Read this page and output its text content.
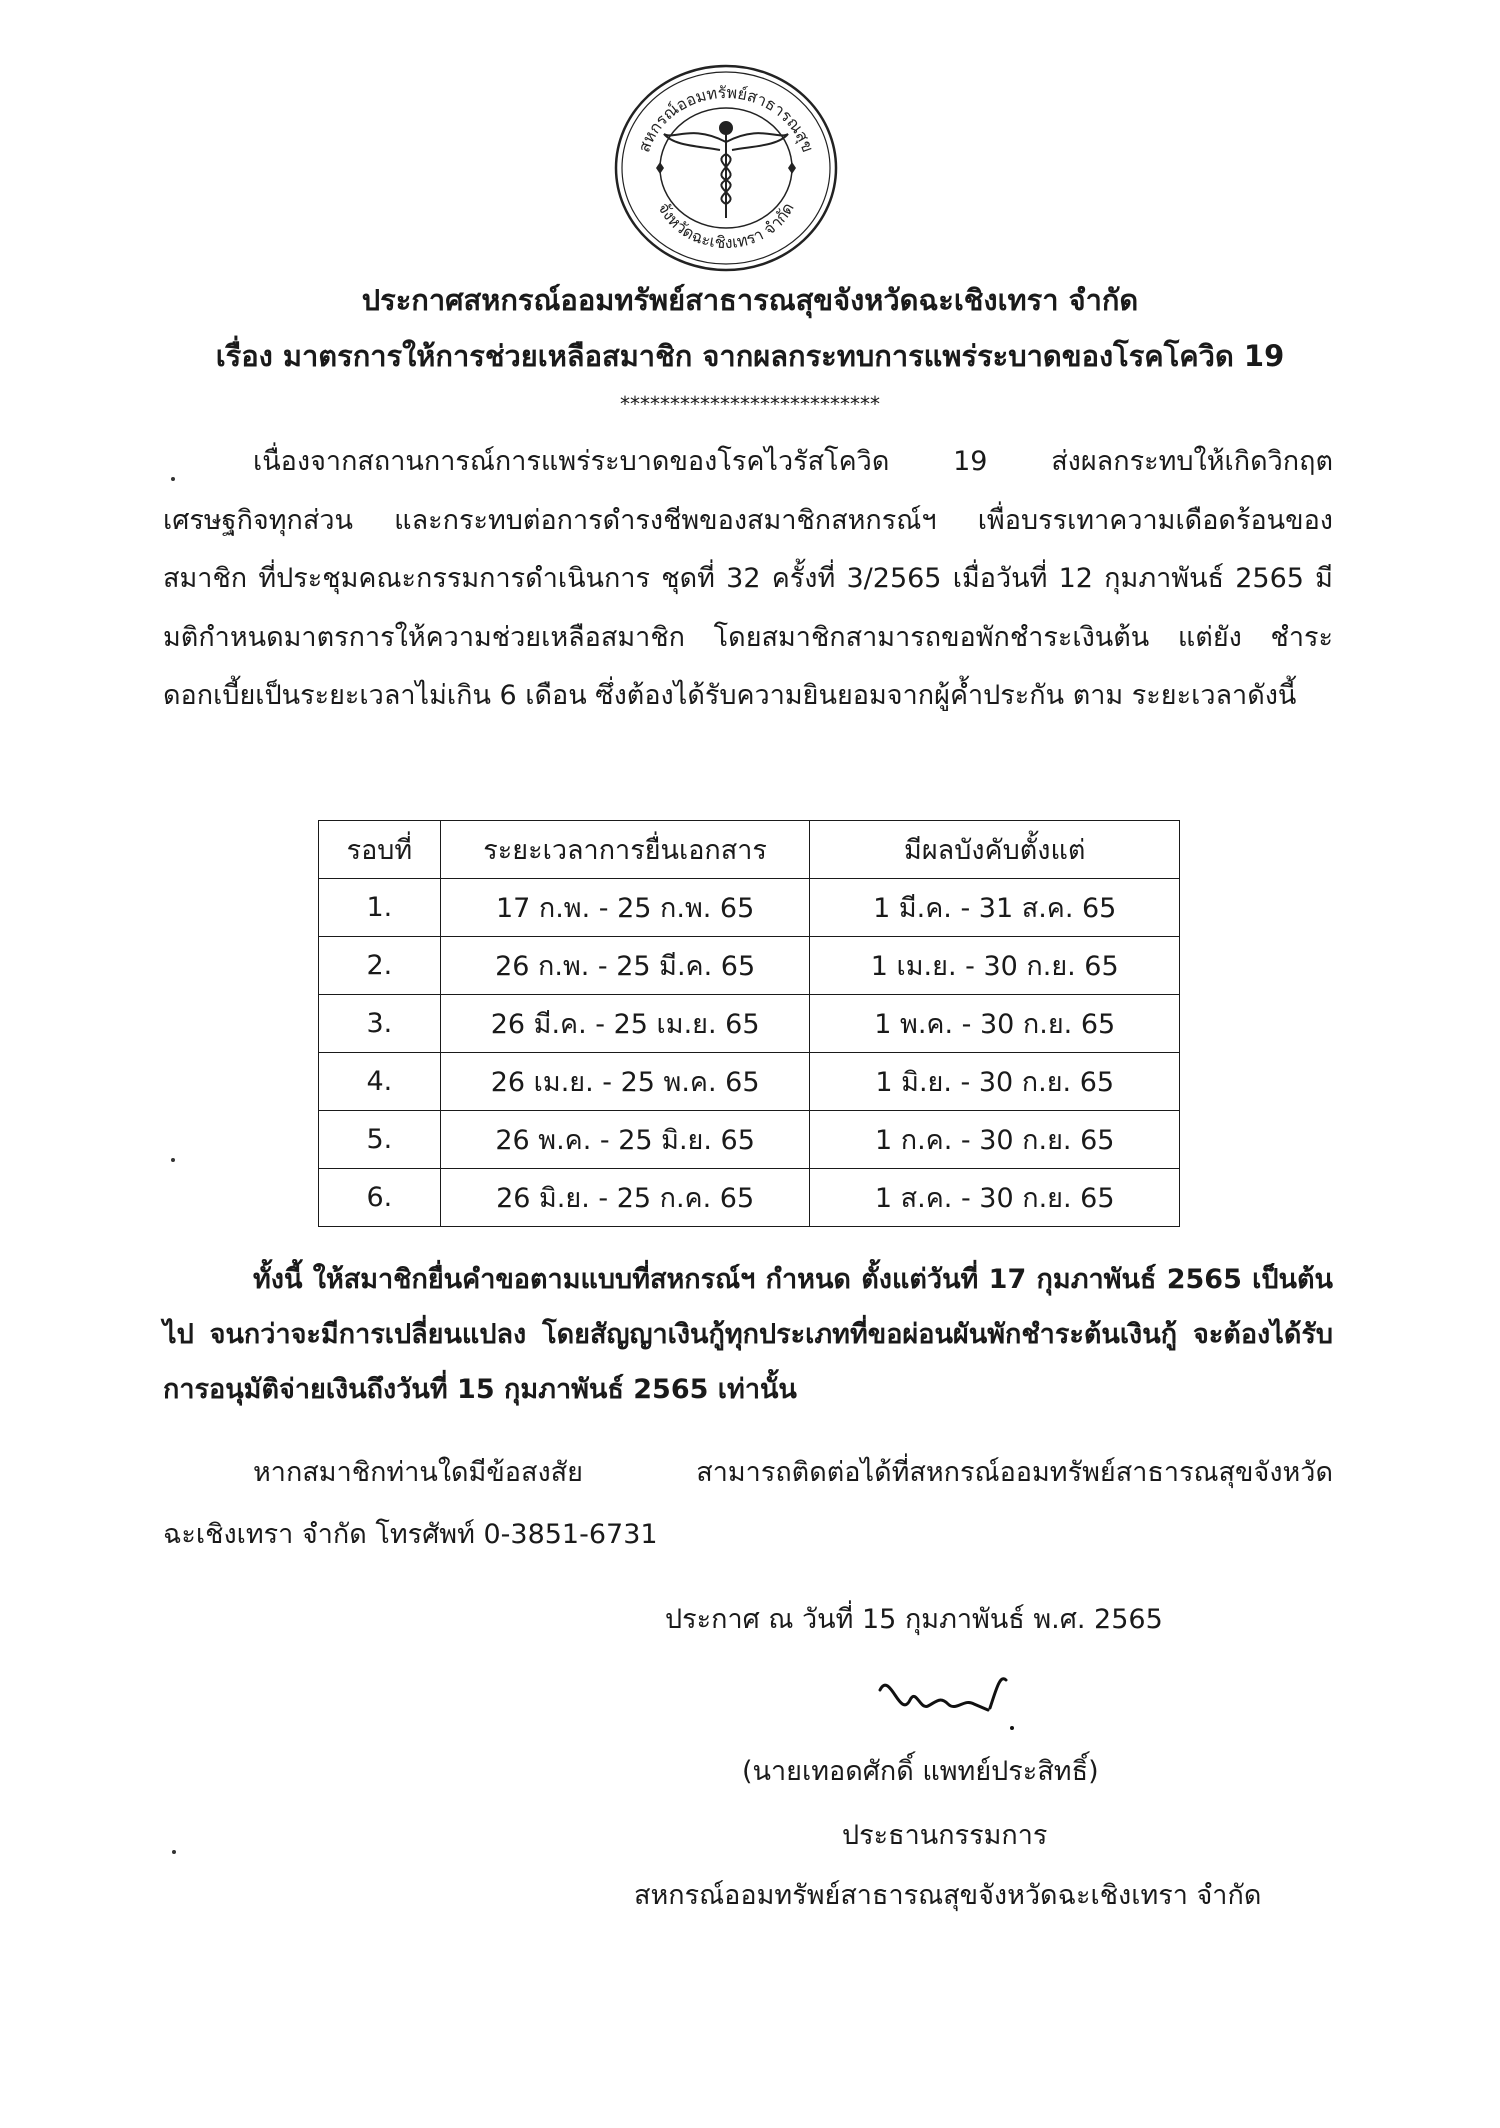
สหกรณ์ออมทรัพย์สาธารณสุข
จังหวัดฉะเชิงเทรา จำกัด
ประกาศสหกรณ์ออมทรัพย์สาธารณสุขจังหวัดฉะเชิงเทรา จำกัด
เรื่อง มาตรการให้การช่วยเหลือสมาชิก จากผลกระทบการแพร่ระบาดของโรคโควิด 19
**************************
เนื่องจากสถานการณ์การแพร่ระบาดของโรคไวรัสโควิด 19 ส่งผลกระทบให้เกิดวิกฤต เศรษฐกิจทุกส่วน และกระทบต่อการดำรงชีพของสมาชิกสหกรณ์ฯ เพื่อบรรเทาความเดือดร้อนของ สมาชิก ที่ประชุมคณะกรรมการดำเนินการ ชุดที่ 32 ครั้งที่ 3/2565 เมื่อวันที่ 12 กุมภาพันธ์ 2565 มีมติกำหนดมาตรการให้ความช่วยเหลือสมาชิก โดยสมาชิกสามารถขอพักชำระเงินต้น แต่ยัง ชำระดอกเบี้ยเป็นระยะเวลาไม่เกิน 6 เดือน ซึ่งต้องได้รับความยินยอมจากผู้ค้ำประกัน ตาม ระยะเวลาดังนี้
รอบที่	ระยะเวลาการยื่นเอกสาร	มีผลบังคับตั้งแต่
1.	17 ก.พ. - 25 ก.พ. 65	1 มี.ค. - 31 ส.ค. 65
2.	26 ก.พ. - 25 มี.ค. 65	1 เม.ย. - 30 ก.ย. 65
3.	26 มี.ค. - 25 เม.ย. 65	1 พ.ค. - 30 ก.ย. 65
4.	26 เม.ย. - 25 พ.ค. 65	1 มิ.ย. - 30 ก.ย. 65
5.	26 พ.ค. - 25 มิ.ย. 65	1 ก.ค. - 30 ก.ย. 65
6.	26 มิ.ย. - 25 ก.ค. 65	1 ส.ค. - 30 ก.ย. 65
ทั้งนี้ ให้สมาชิกยื่นคำขอตามแบบที่สหกรณ์ฯ กำหนด ตั้งแต่วันที่ 17 กุมภาพันธ์ 2565 เป็นต้นไป จนกว่าจะมีการเปลี่ยนแปลง โดยสัญญาเงินกู้ทุกประเภทที่ขอผ่อนผันพักชำระต้นเงินกู้ จะต้องได้รับการอนุมัติจ่ายเงินถึงวันที่ 15 กุมภาพันธ์ 2565 เท่านั้น
หากสมาชิกท่านใดมีข้อสงสัย สามารถติดต่อได้ที่สหกรณ์ออมทรัพย์สาธารณสุขจังหวัด ฉะเชิงเทรา จำกัด โทรศัพท์ 0-3851-6731
ประกาศ ณ วันที่ 15 กุมภาพันธ์ พ.ศ. 2565
(นายเทอดศักดิ์ แพทย์ประสิทธิ์)
ประธานกรรมการ
สหกรณ์ออมทรัพย์สาธารณสุขจังหวัดฉะเชิงเทรา จำกัด
